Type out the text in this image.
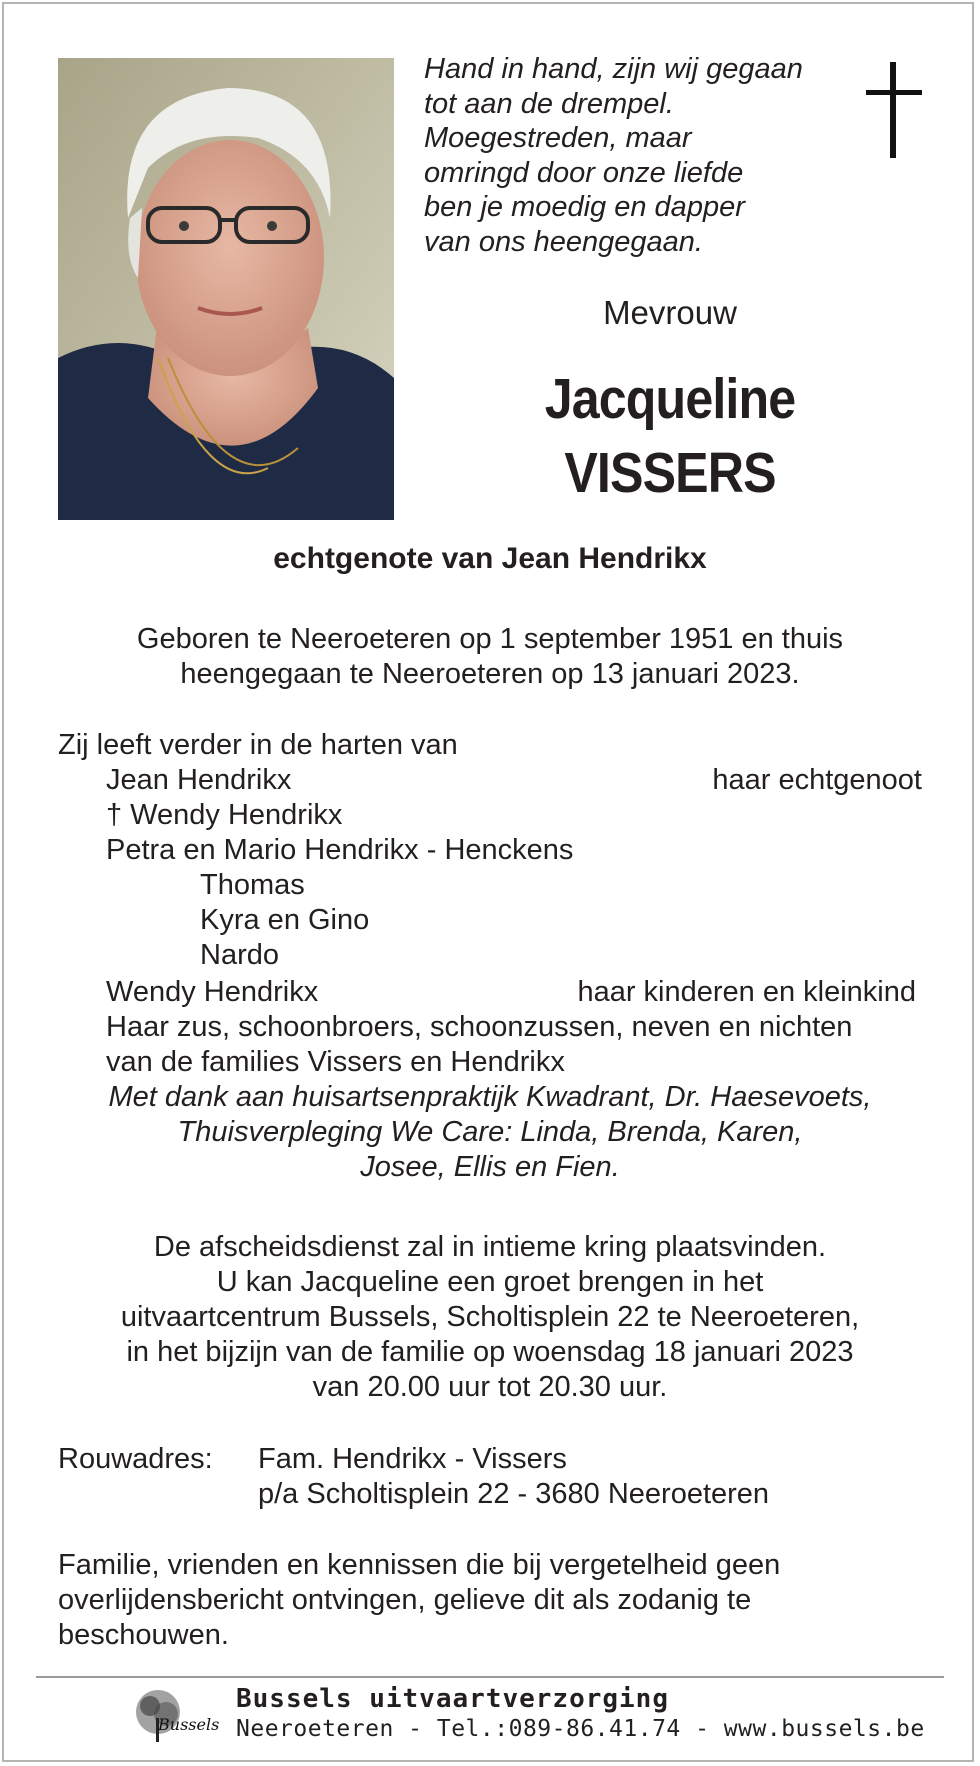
Hand in hand, zijn wij gegaan
tot aan de drempel.
Moegestreden, maar
omringd door onze liefde
ben je moedig en dapper
van ons heengegaan.
Mevrouw
Jacqueline
VISSERS
echtgenote van Jean Hendrikx
Geboren te Neeroeteren op 1 september 1951 en thuis
heengegaan te Neeroeteren op 13 januari 2023.
Zij leeft verder in de harten van
Jean Hendrikx	haar echtgenoot
† Wendy Hendrikx
Petra en Mario Hendrikx - Henckens
Thomas
Kyra en Gino
Nardo
Wendy Hendrikx	haar kinderen en kleinkind
Haar zus, schoonbroers, schoonzussen, neven en nichten
van de families Vissers en Hendrikx
Met dank aan huisartsenpraktijk Kwadrant, Dr. Haesevoets,
Thuisverpleging We Care: Linda, Brenda, Karen,
Josee, Ellis en Fien.
De afscheidsdienst zal in intieme kring plaatsvinden.
U kan Jacqueline een groet brengen in het
uitvaartcentrum Bussels, Scholtisplein 22 te Neeroeteren,
in het bijzijn van de familie op woensdag 18 januari 2023
van 20.00 uur tot 20.30 uur.
Rouwadres: Fam. Hendrikx - Vissers
p/a Scholtisplein 22 - 3680 Neeroeteren
Familie, vrienden en kennissen die bij vergetelheid geen
overlijdensbericht ontvingen, gelieve dit als zodanig te
beschouwen.
Bussels
Bussels uitvaartverzorging
Neeroeteren - Tel.:089-86.41.74 - www.bussels.be
